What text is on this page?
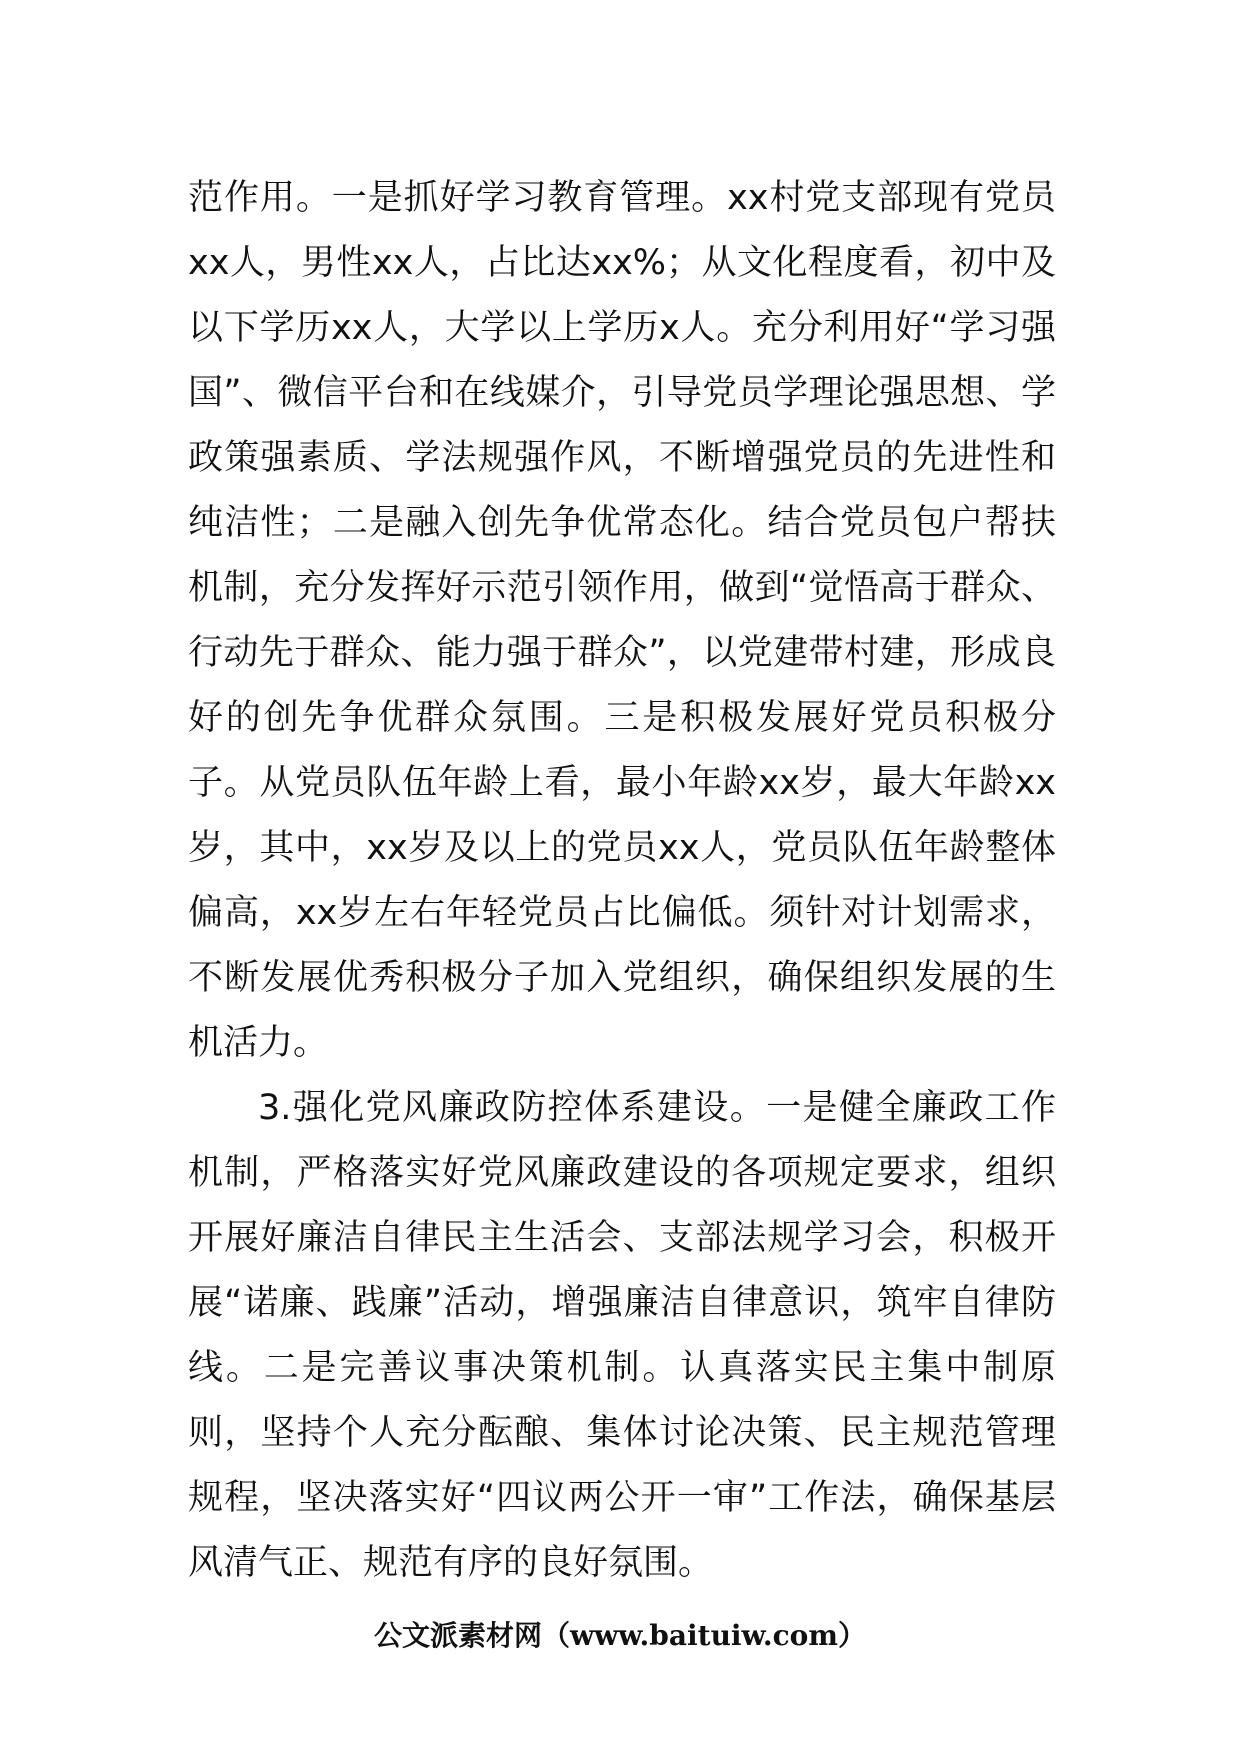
范作用。一是抓好学习教育管理。xx村党支部现有党员xx人，男性xx人，占比达xx%；从文化程度看，初中及以下学历xx人，大学以上学历x人。充分利用好“学习强国”、微信平台和在线媒介，引导党员学理论强思想、学政策强素质、学法规强作风，不断增强党员的先进性和纯洁性；二是融入创先争优常态化。结合党员包户帮扶机制，充分发挥好示范引领作用，做到“觉悟高于群众、行动先于群众、能力强于群众”，以党建带村建，形成良好的创先争优群众氛围。三是积极发展好党员积极分子。从党员队伍年龄上看，最小年龄xx岁，最大年龄xx岁，其中，xx岁及以上的党员xx人，党员队伍年龄整体偏高，xx岁左右年轻党员占比偏低。须针对计划需求，不断发展优秀积极分子加入党组织，确保组织发展的生机活力。

3.强化党风廉政防控体系建设。一是健全廉政工作机制，严格落实好党风廉政建设的各项规定要求，组织开展好廉洁自律民主生活会、支部法规学习会，积极开展“诺廉、践廉”活动，增强廉洁自律意识，筑牢自律防线。二是完善议事决策机制。认真落实民主集中制原则，坚持个人充分酝酿、集体讨论决策、民主规范管理规程，坚决落实好“四议两公开一审”工作法，确保基层风清气正、规范有序的良好氛围。

公文派素材网（www.baituiw.com）
